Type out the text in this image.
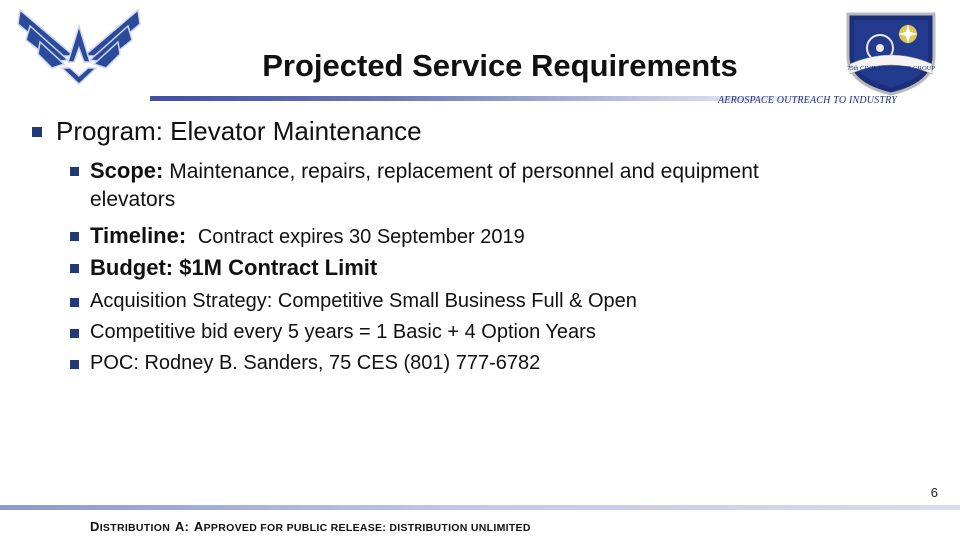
Projected Service Requirements
AEROSPACE OUTREACH TO INDUSTRY
75th CIVIL ENGINEER GROUP
Program: Elevator Maintenance
Scope: Maintenance, repairs, replacement of personnel and equipment
elevators
Timeline: Contract expires 30 September 2019
Budget: $1M Contract Limit
Acquisition Strategy: Competitive Small Business Full & Open
Competitive bid every 5 years = 1 Basic + 4 Option Years
POC: Rodney B. Sanders, 75 CES (801) 777-6782
6
DISTRIBUTION A: APPROVED FOR PUBLIC RELEASE: DISTRIBUTION UNLIMITED
